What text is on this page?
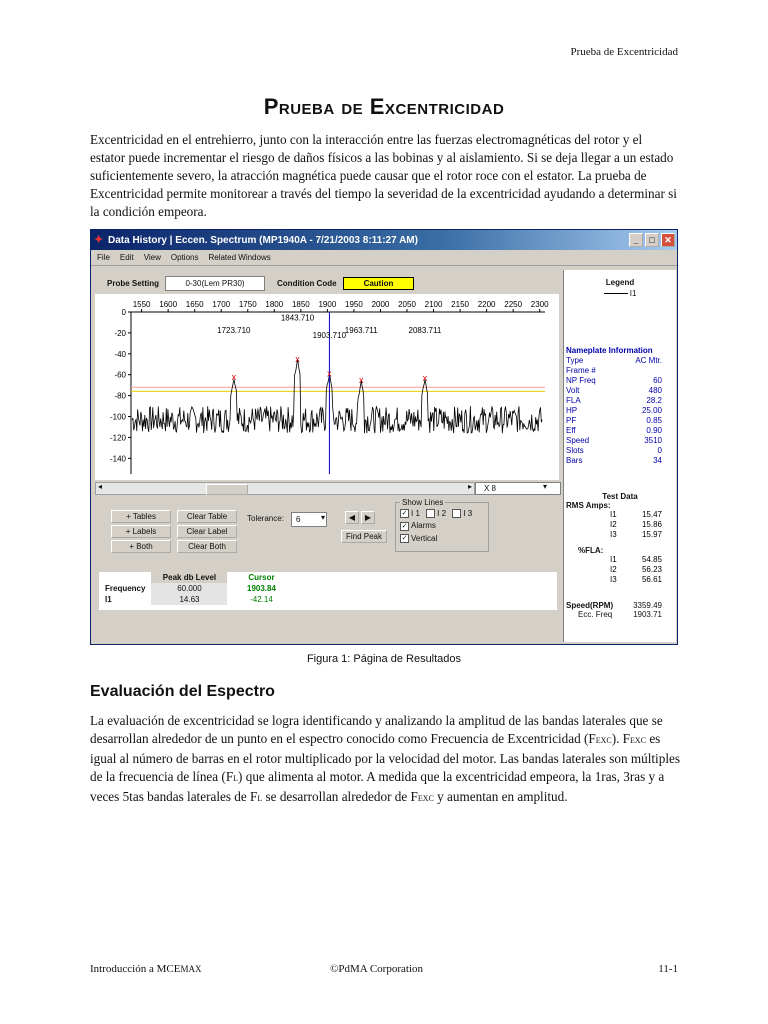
Prueba de Excentricidad
Prueba de Excentricidad
Excentricidad en el entrehierro, junto con la interacción entre las fuerzas electromagnéticas del rotor y el estator puede incrementar el riesgo de daños físicos a las bobinas y al aislamiento. Si se deja llegar a un estado suficientemente severo, la atracción magnética puede causar que el rotor roce con el estator. La prueba de Excentricidad permite monitorear a través del tiempo la severidad de la excentricidad ayudando a determinar si la condición empeora.
✦ Data History | Eccen. Spectrum (MP1940A - 7/21/2003 8:11:27 AM)	_	□	✕
File Edit View Options Related Windows
Probe Setting	0-30(Lem PR30)	Condition Code	Caution
1550 1600 1650 1700 1750 1800 1850 1900 1950 2000 2050 2100 2150 2200 2250 2300
0
-20
-40
-60
-80
-100
-120
-140
x
1723.710
x
1843.710
x
1903.710
x
1963.711
x
2083.711
◂	▸	X 8	▾
+ Tables
+ Labels
+ Both
Clear Table
Clear Label
Clear Both
Tolerance:	6	▾	◀	▶
Find Peak
Show Lines
✓ I 1 I 2 I 3
✓ Alarms
✓ Vertical
	Peak db Level	Cursor
Frequency	60.000	1903.84
I1	14.63	-42.14
Legend
I1
Nameplate Information
Type	AC Mtr.
Frame #
NP Freq	60
Volt	480
FLA	28.2
HP	25.00
PF	0.85
Eff	0.90
Speed	3510
Slots	0
Bars	34
Test Data
RMS Amps:
I1	15.47
I2	15.86
I3	15.97
%FLA:
I1	54.85
I2	56.23
I3	56.61
Speed(RPM) 3359.49
Ecc. Freq	1903.71
Figura 1: Página de Resultados
Evaluación del Espectro
La evaluación de excentricidad se logra identificando y analizando la amplitud de las bandas laterales que se desarrollan alrededor de un punto en el espectro conocido como Frecuencia de Excentricidad (FEXC). FEXC es igual al número de barras en el rotor multiplicado por la velocidad del motor. Las bandas laterales son múltiples de la frecuencia de línea (FL) que alimenta al motor. A medida que la excentricidad empeora, la 1ras, 3ras y a veces 5tas bandas laterales de FL se desarrollan alrededor de FEXC y aumentan en amplitud.
Introducción a MCEMAX	©PdMA Corporation	11-1
